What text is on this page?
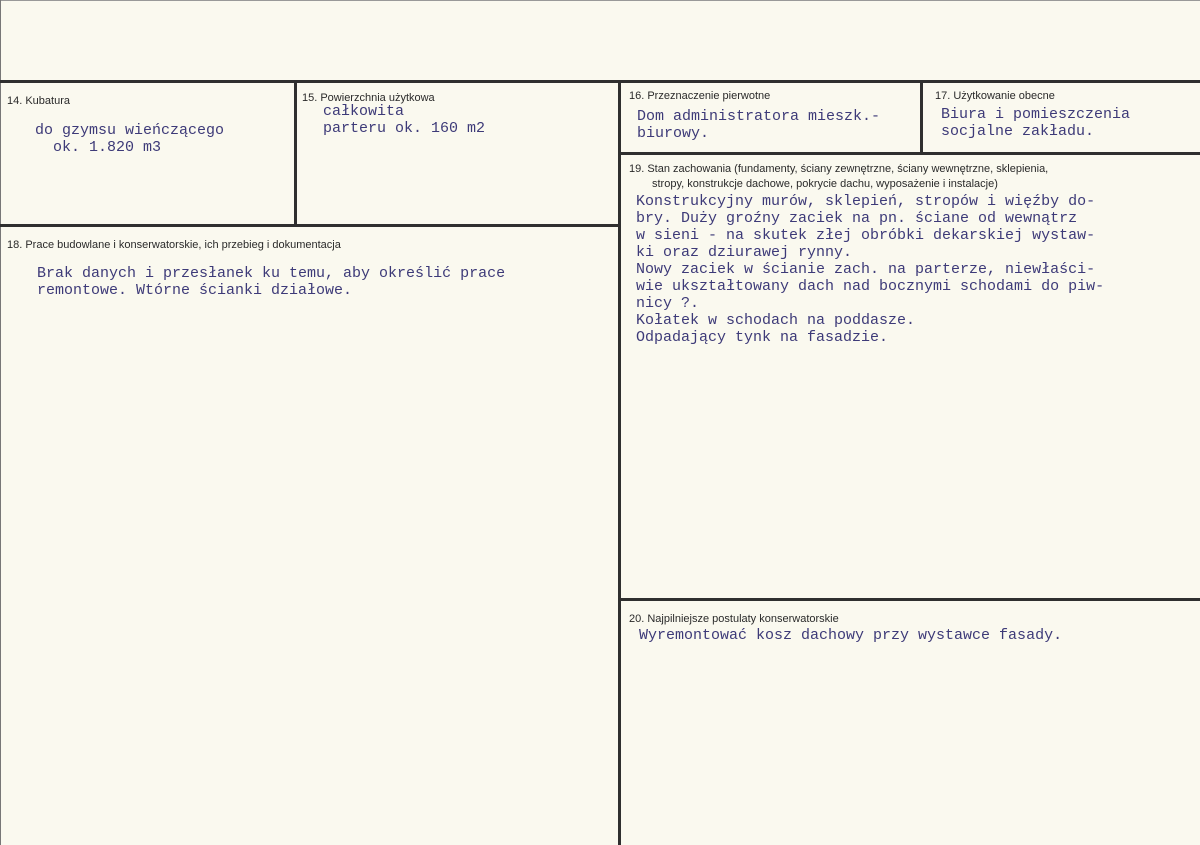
14. Kubatura
do gzymsu wieńczącego
ok. 1.820 m3
15. Powierzchnia użytkowa
całkowita
parteru ok. 160 m2
16. Przeznaczenie pierwotne
Dom administratora mieszk.-
biurowy.
17. Użytkowanie obecne
Biura i pomieszczenia
socjalne zakładu.
18. Prace budowlane i konserwatorskie, ich przebieg i dokumentacja
Brak danych i przesłanek ku temu, aby określić prace
remontowe. Wtórne ścianki działowe.
19. Stan zachowania (fundamenty, ściany zewnętrzne, ściany wewnętrzne, sklepienia,
stropy, konstrukcje dachowe, pokrycie dachu, wyposażenie i instalacje)
Konstrukcyjny murów, sklepień, stropów i więźby do-
bry. Duży groźny zaciek na pn. ściane od wewnątrz
w sieni - na skutek złej obróbki dekarskiej wystaw-
ki oraz dziurawej rynny.
Nowy zaciek w ścianie zach. na parterze, niewłaści-
wie ukształtowany dach nad bocznymi schodami do piw-
nicy ?.
Kołatek w schodach na poddasze.
Odpadający tynk na fasadzie.
20. Najpilniejsze postulaty konserwatorskie
Wyremontować kosz dachowy przy wystawce fasady.
